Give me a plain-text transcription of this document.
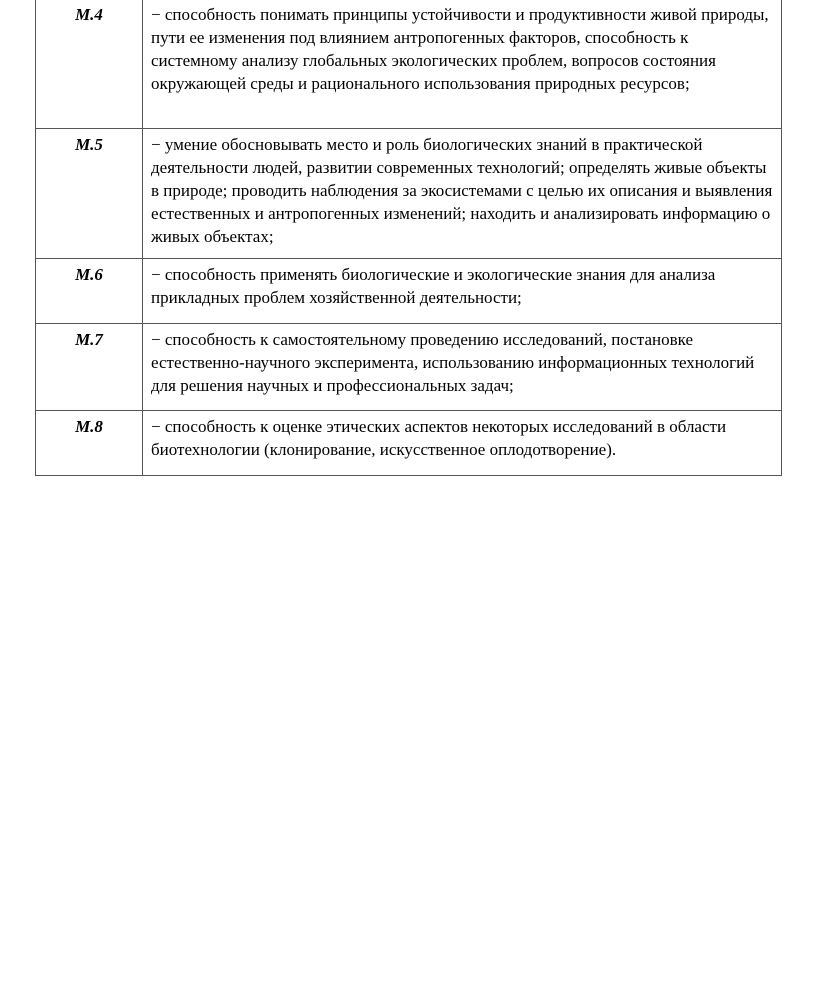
М.4	− способность понимать принципы устойчивости и продуктивности живой природы, пути ее изменения под влиянием антропогенных факторов, способность к системному анализу глобальных экологических проблем, вопросов состояния окружающей среды и рационального использования природных ресурсов;

М.5	− умение обосновывать место и роль биологических знаний в практической деятельности людей, развитии современных технологий; определять живые объекты в природе; проводить наблюдения за экосистемами с целью их описания и выявления естественных и антропогенных изменений; находить и анализировать информацию о живых объектах;

М.6	− способность применять биологические и экологические знания для анализа прикладных проблем хозяйственной деятельности;

М.7	− способность к самостоятельному проведению исследований, постановке естественно-научного эксперимента, использованию информационных технологий для решения научных и профессиональных задач;

М.8	− способность к оценке этических аспектов некоторых исследований в области биотехнологии (клонирование, искусственное оплодотворение).
